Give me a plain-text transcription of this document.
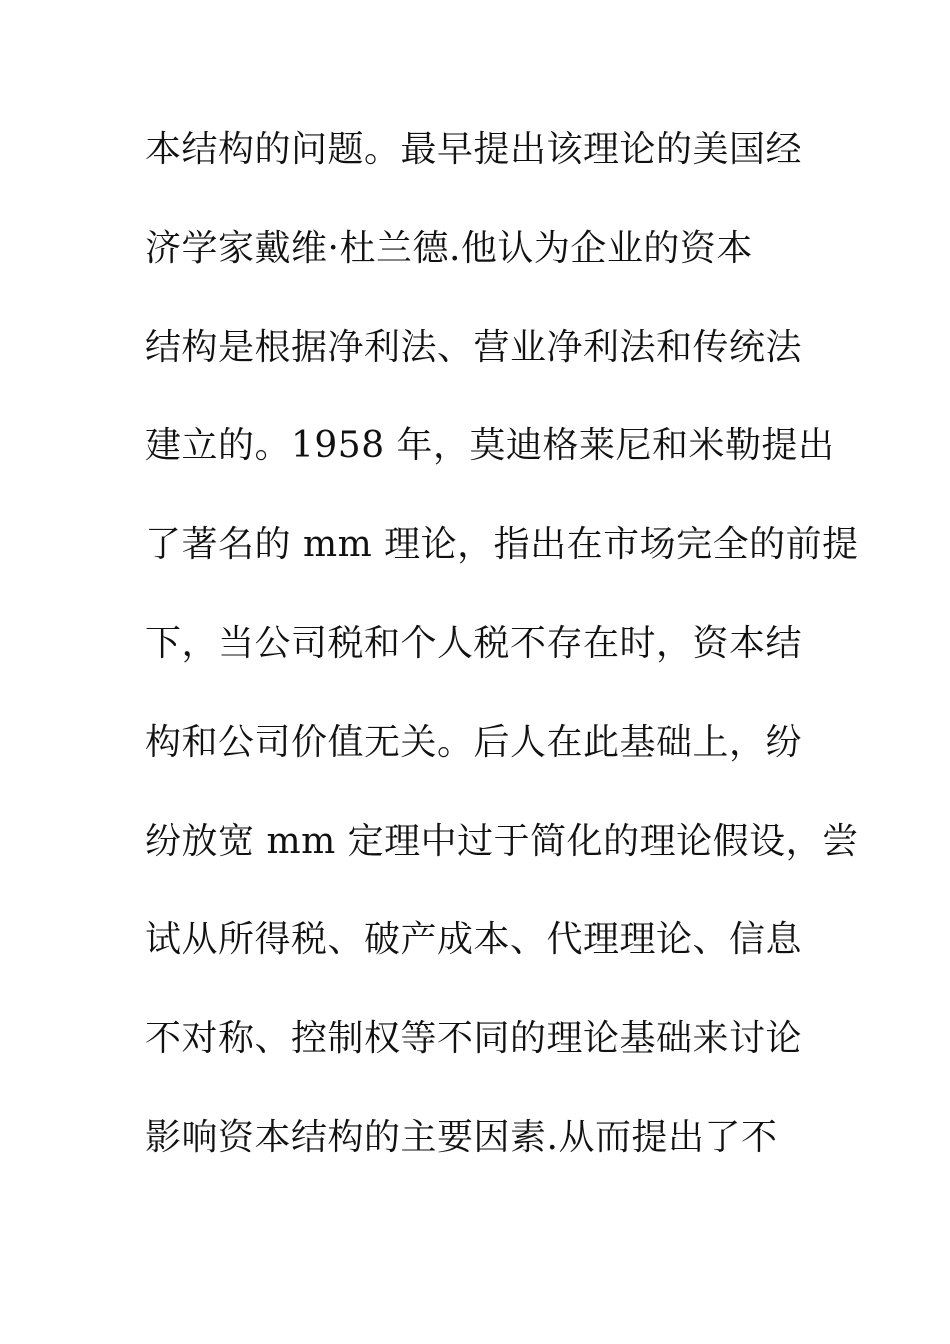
本结构的问题。最早提出该理论的美国经
济学家戴维·杜兰德.他认为企业的资本
结构是根据净利法、营业净利法和传统法
建立的。1958 年，莫迪格莱尼和米勒提出
了著名的 mm 理论，指出在市场完全的前提
下，当公司税和个人税不存在时，资本结
构和公司价值无关。后人在此基础上，纷
纷放宽 mm 定理中过于简化的理论假设，尝
试从所得税、破产成本、代理理论、信息
不对称、控制权等不同的理论基础来讨论
影响资本结构的主要因素.从而提出了不
